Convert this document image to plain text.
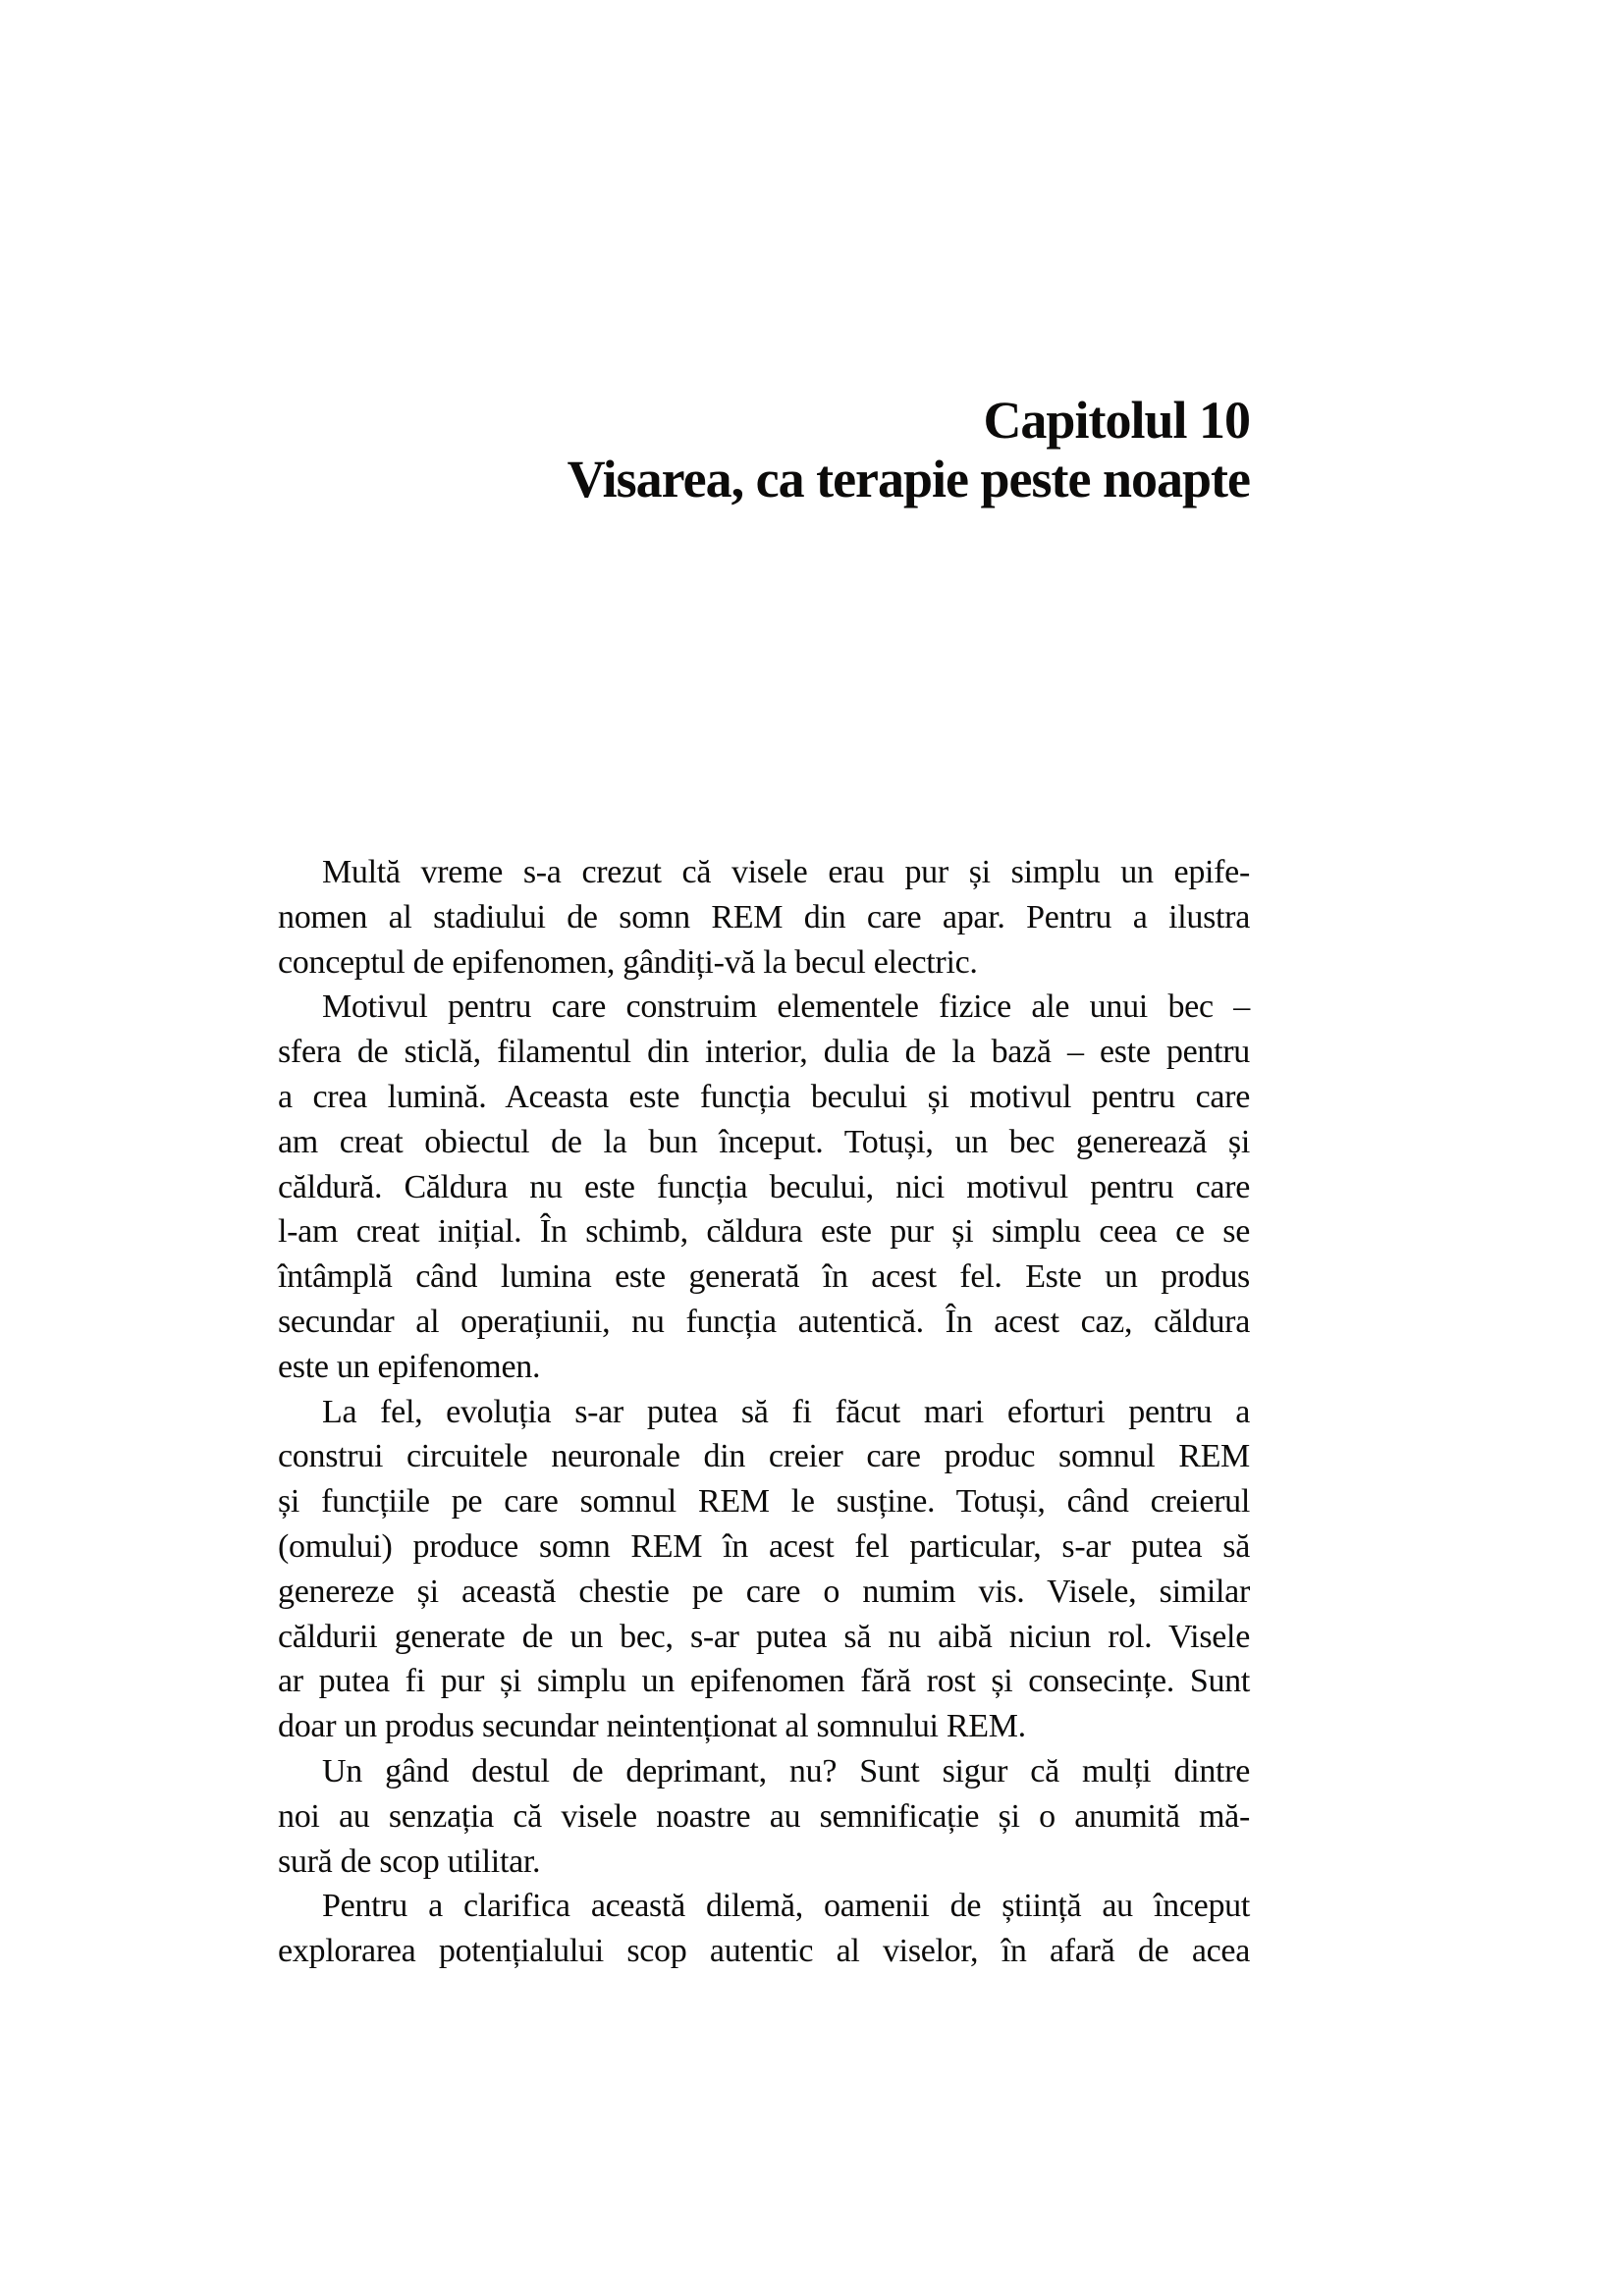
Capitolul 10
Visarea, ca terapie peste noapte
Multă vreme s-a crezut că visele erau pur și simplu un epife-
nomen al stadiului de somn REM din care apar. Pentru a ilustra
conceptul de epifenomen, gândiți-vă la becul electric.
Motivul pentru care construim elementele fizice ale unui bec –
sfera de sticlă, filamentul din interior, dulia de la bază – este pentru
a crea lumină. Aceasta este funcția becului și motivul pentru care
am creat obiectul de la bun început. Totuși, un bec generează și
căldură. Căldura nu este funcția becului, nici motivul pentru care
l-am creat inițial. În schimb, căldura este pur și simplu ceea ce se
întâmplă când lumina este generată în acest fel. Este un produs
secundar al operațiunii, nu funcția autentică. În acest caz, căldura
este un epifenomen.
La fel, evoluția s-ar putea să fi făcut mari eforturi pentru a
construi circuitele neuronale din creier care produc somnul REM
și funcțiile pe care somnul REM le susține. Totuși, când creierul
(omului) produce somn REM în acest fel particular, s-ar putea să
genereze și această chestie pe care o numim vis. Visele, similar
căldurii generate de un bec, s-ar putea să nu aibă niciun rol. Visele
ar putea fi pur și simplu un epifenomen fără rost și consecințe. Sunt
doar un produs secundar neintenționat al somnului REM.
Un gând destul de deprimant, nu? Sunt sigur că mulți dintre
noi au senzația că visele noastre au semnificație și o anumită mă-
sură de scop utilitar.
Pentru a clarifica această dilemă, oamenii de știință au început
explorarea potențialului scop autentic al viselor, în afară de acea
